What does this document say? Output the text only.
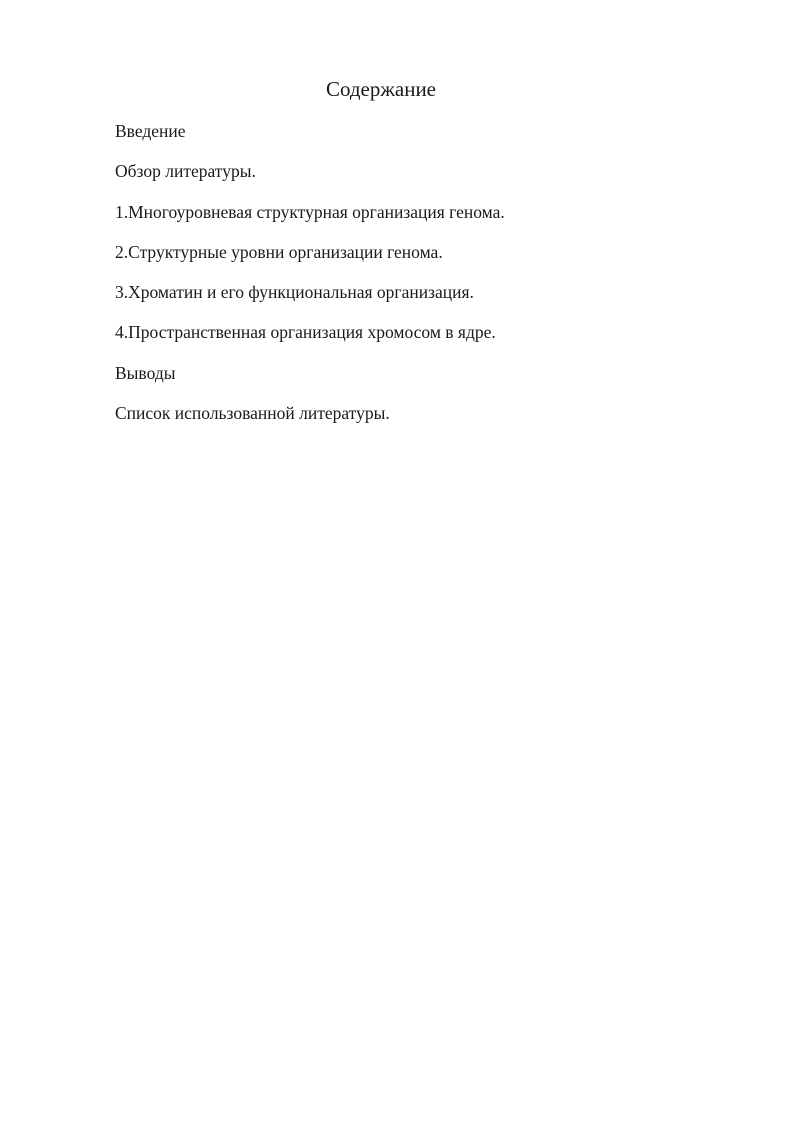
Содержание
Введение
Обзор литературы.
1.Многоуровневая структурная организация генома.
2.Структурные уровни организации генома.
3.Хроматин и его функциональная организация.
4.Пространственная организация хромосом в ядре.
Выводы
Список использованной литературы.
